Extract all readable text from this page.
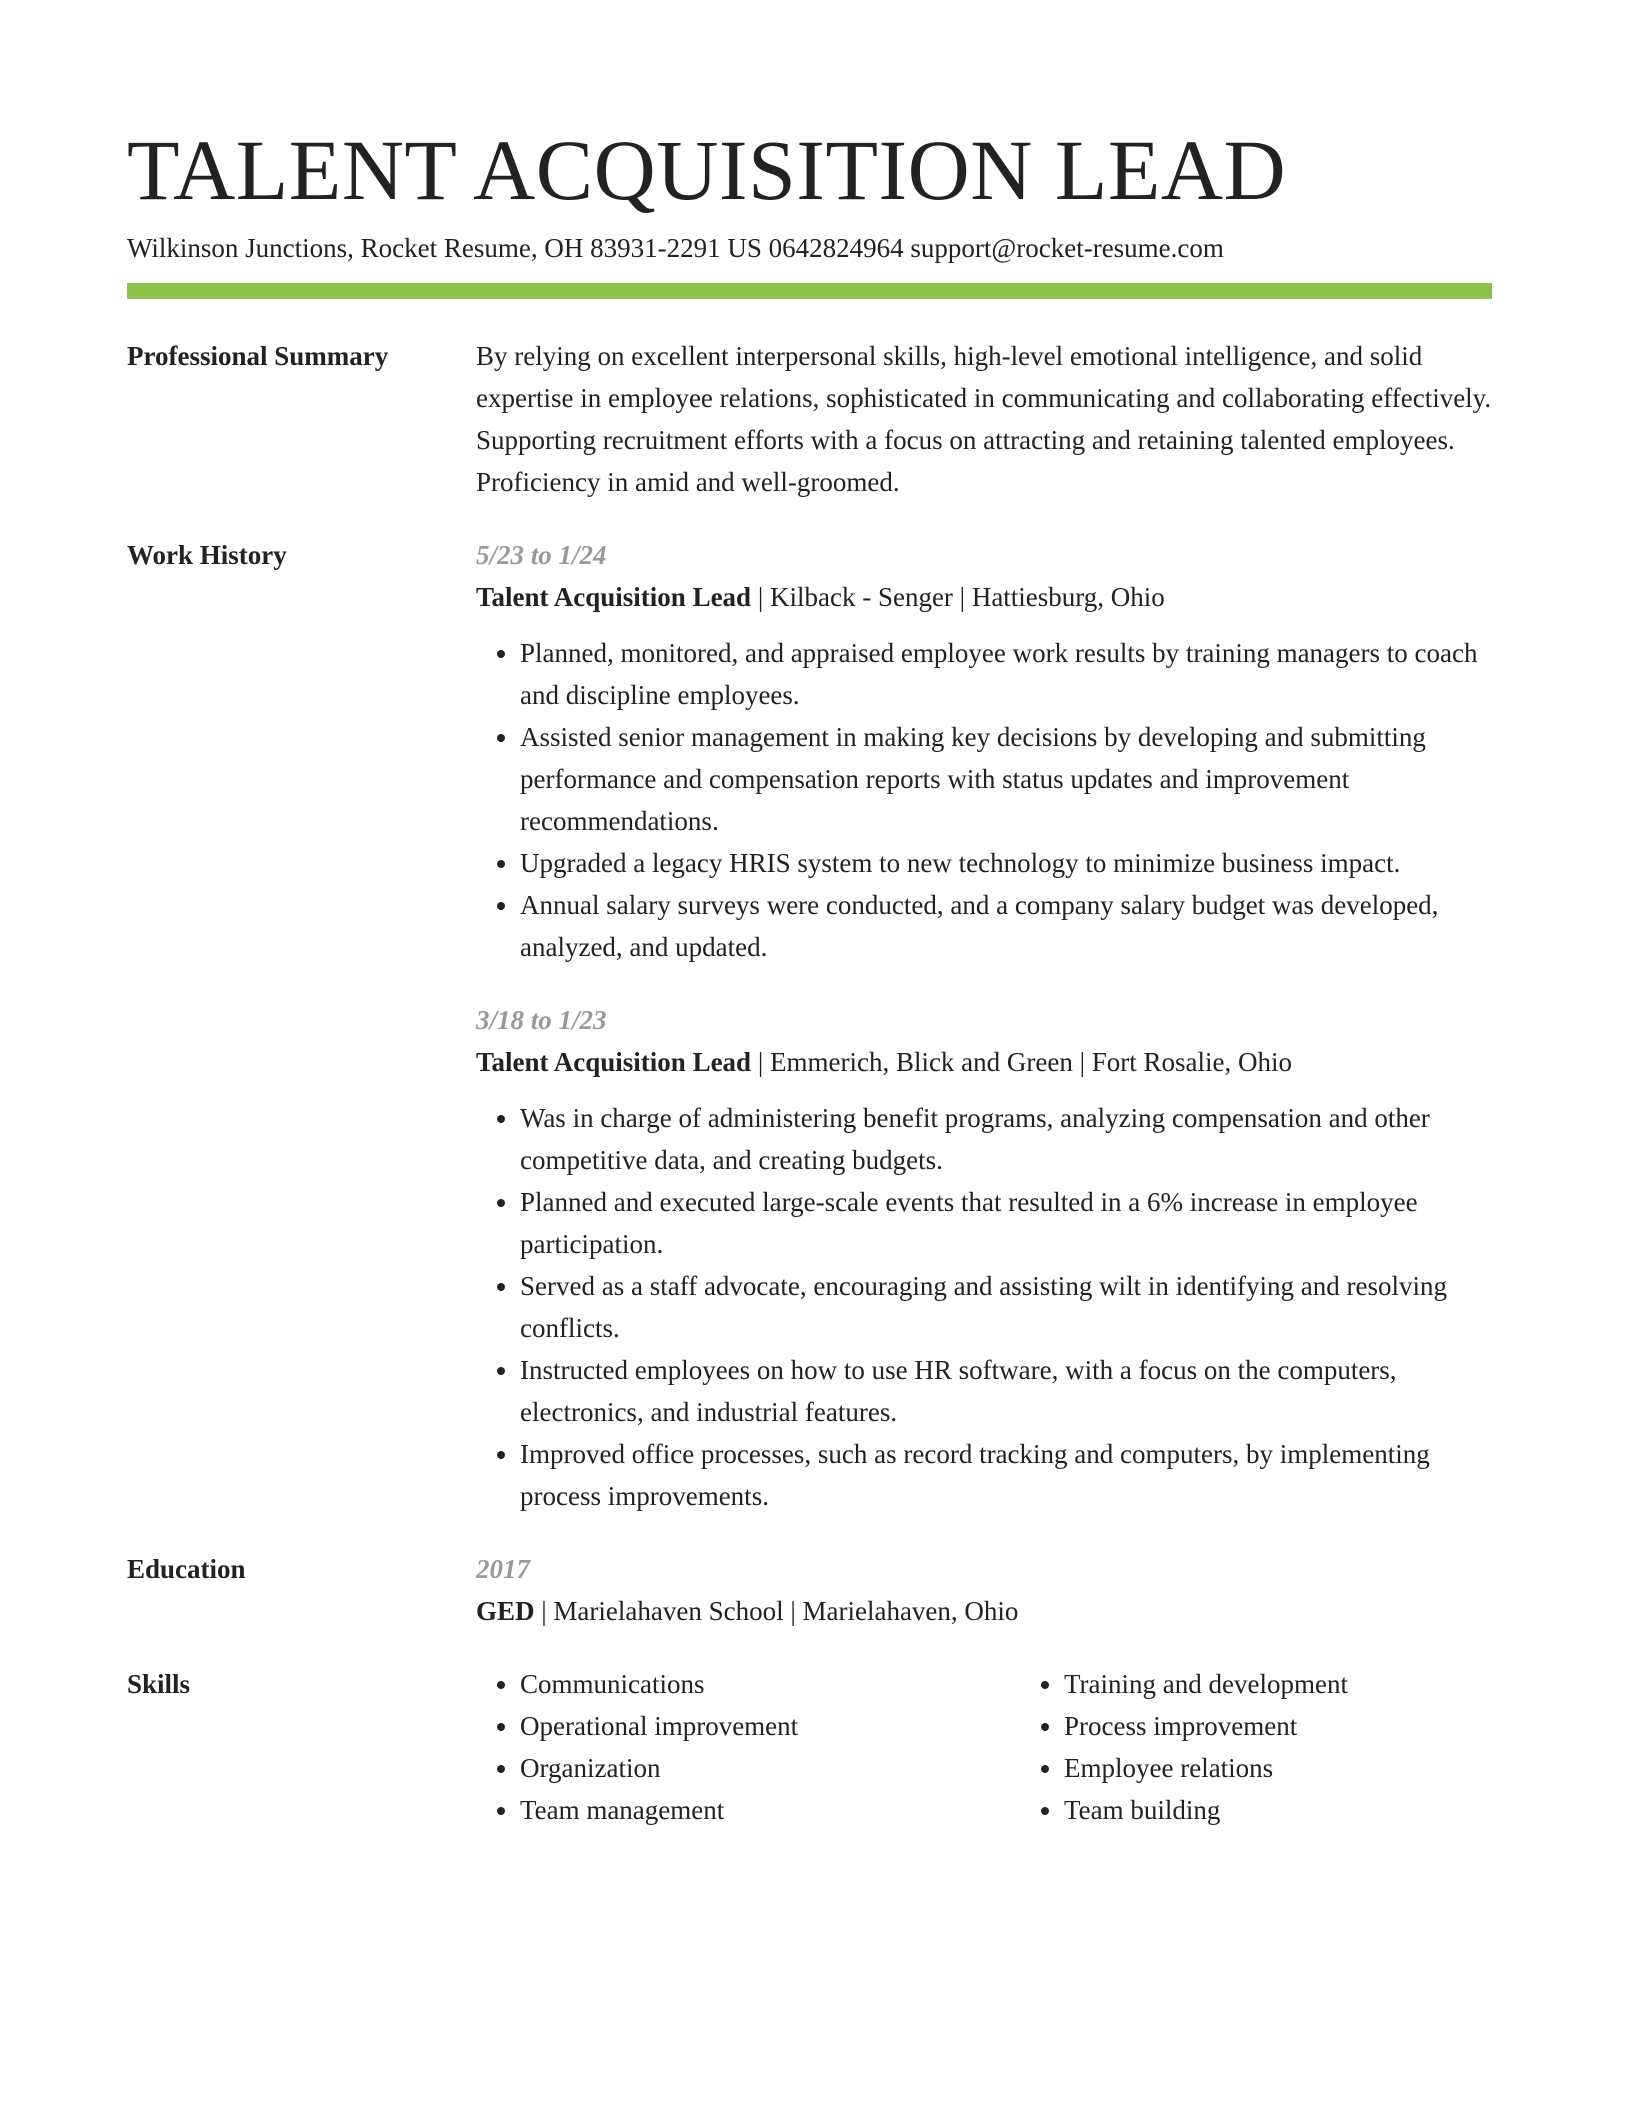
TALENT ACQUISITION LEAD
Wilkinson Junctions, Rocket Resume, OH 83931-2291 US 0642824964 support@rocket-resume.com
Professional Summary	By relying on excellent interpersonal skills, high-level emotional intelligence, and solid expertise in employee relations, sophisticated in communicating and collaborating effectively. Supporting recruitment efforts with a focus on attracting and retaining talented employees. Proficiency in amid and well-groomed.
Work History	5/23 to 1/24
Talent Acquisition Lead | Kilback - Senger | Hattiesburg, Ohio
• Planned, monitored, and appraised employee work results by training managers to coach and discipline employees.
• Assisted senior management in making key decisions by developing and submitting performance and compensation reports with status updates and improvement recommendations.
• Upgraded a legacy HRIS system to new technology to minimize business impact.
• Annual salary surveys were conducted, and a company salary budget was developed, analyzed, and updated.
3/18 to 1/23
Talent Acquisition Lead | Emmerich, Blick and Green | Fort Rosalie, Ohio
• Was in charge of administering benefit programs, analyzing compensation and other competitive data, and creating budgets.
• Planned and executed large-scale events that resulted in a 6% increase in employee participation.
• Served as a staff advocate, encouraging and assisting wilt in identifying and resolving conflicts.
• Instructed employees on how to use HR software, with a focus on the computers, electronics, and industrial features.
• Improved office processes, such as record tracking and computers, by implementing process improvements.
Education	2017
GED | Marielahaven School | Marielahaven, Ohio
Skills
•	Communications
• Operational improvement
• Organization
• Team management
• Training and development
• Process improvement
• Employee relations
• Team building
